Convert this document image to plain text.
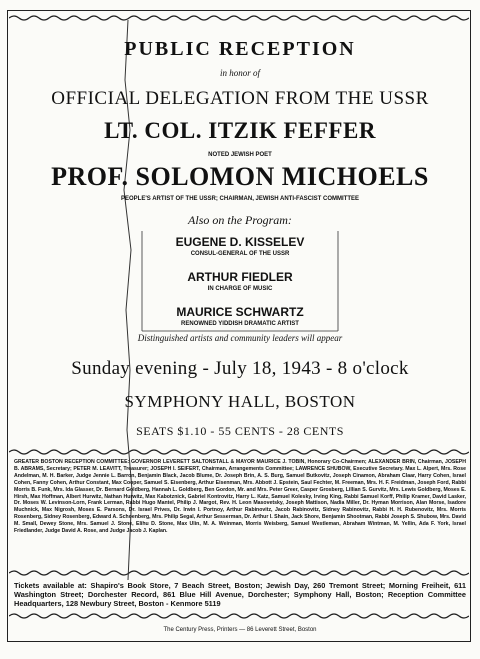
PUBLIC RECEPTION
in honor of
OFFICIAL DELEGATION FROM THE USSR
LT. COL. ITZIK FEFFER
NOTED JEWISH POET
PROF. SOLOMON MICHOELS
PEOPLE'S ARTIST OF THE USSR; CHAIRMAN, JEWISH ANTI-FASCIST COMMITTEE
Also on the Program:
EUGENE D. KISSELEV
CONSUL-GENERAL OF THE USSR
ARTHUR FIEDLER
IN CHARGE OF MUSIC
MAURICE SCHWARTZ
RENOWNED YIDDISH DRAMATIC ARTIST
Distinguished artists and community leaders will appear
Sunday evening - July 18, 1943 - 8 o'clock
SYMPHONY HALL, BOSTON
SEATS $1.10 - 55 CENTS - 28 CENTS
GREATER BOSTON RECEPTION COMMITTEE: GOVERNOR LEVERETT SALTONSTALL & MAYOR MAURICE J. TOBIN, Honorary Co-Chairmen; ALEXANDER BRIN, Chairman, JOSEPH B. ABRAMS, Secretary; PETER M. LEAVITT, Treasurer; JOSEPH I. SEIFERT, Chairman, Arrangements Committee; LAWRENCE SHUBOW, Executive Secretary. Max L. Alpert, Mrs. Rose Andelman, M. H. Barker, Judge Jennie L. Barron, Benjamin Black, Jacob Blume, Dr. Joseph Brin, A. S. Burg, Samuel Butkovitz, Joseph Cinamon, Abraham Claar, Harry Cohen, Israel Cohen, Fanny Cohen, Arthur Constant, Max Cooper, Samuel S. Eisenberg, Arthur Eisenman, Mrs. Abbott J. Epstein, Saul Fechter, M. Freeman, Mrs. H. F. Freidman, Joseph Ford, Rabbi Morris B. Funk, Mrs. Ida Glasser, Dr. Bernard Goldberg, Hannah L. Goldberg, Ben Gordon, Mr. and Mrs. Peter Greer, Casper Grosberg, Lillian S. Gurvitz, Mrs. Lewis Goldberg, Moses E. Hirsh, Max Hoffman, Albert Hurwitz, Nathan Hurwitz, Max Kabotznick, Gabriel Kontrovitz, Harry L. Katz, Samuel Kolesky, Irving King, Rabbi Samuel Korff, Philip Kramer, David Lasker, Dr. Moses W. Levinson-Lorn, Frank Lerman, Rabbi Hugo Mantel, Philip J. Margot, Rev. H. Leon Masovetsky, Joseph Mattison, Nadia Miller, Dr. Hyman Morrison, Alan Morse, Isadore Muchnick, Max Nigrosh, Moses E. Parsons, Dr. Israel Prives, Dr. Irwin I. Portnoy, Arthur Rabinovitz, Jacob Rabinovitz, Sidney Rabinovitz, Rabbi H. H. Rubenovitz, Mrs. Morris Rosenberg, Sidney Rosenberg, Edward A. Schoenberg, Mrs. Philip Segal, Arthur Sesserman, Dr. Arthur I. Shain, Jack Shore, Benjamin Shootman, Rabbi Joseph S. Shubow, Mrs. David M. Small, Dewey Stone, Mrs. Samuel J. Stone, Elihu D. Stone, Max Ulin, M. A. Weinman, Morris Weisberg, Samuel Westleman, Abraham Wintman, M. Yellin, Ada F. York, Israel Friedlander, Judge David A. Rose, and Judge Jacob J. Kaplan.
Tickets available at: Shapiro's Book Store, 7 Beach Street, Boston; Jewish Day, 260 Tremont Street; Morning Freiheit, 611 Washington Street; Dorchester Record, 861 Blue Hill Avenue, Dorchester; Symphony Hall, Boston; Reception Committee Headquarters, 128 Newbury Street, Boston - Kenmore 5119
The Century Press, Printers — 86 Leverett Street, Boston
